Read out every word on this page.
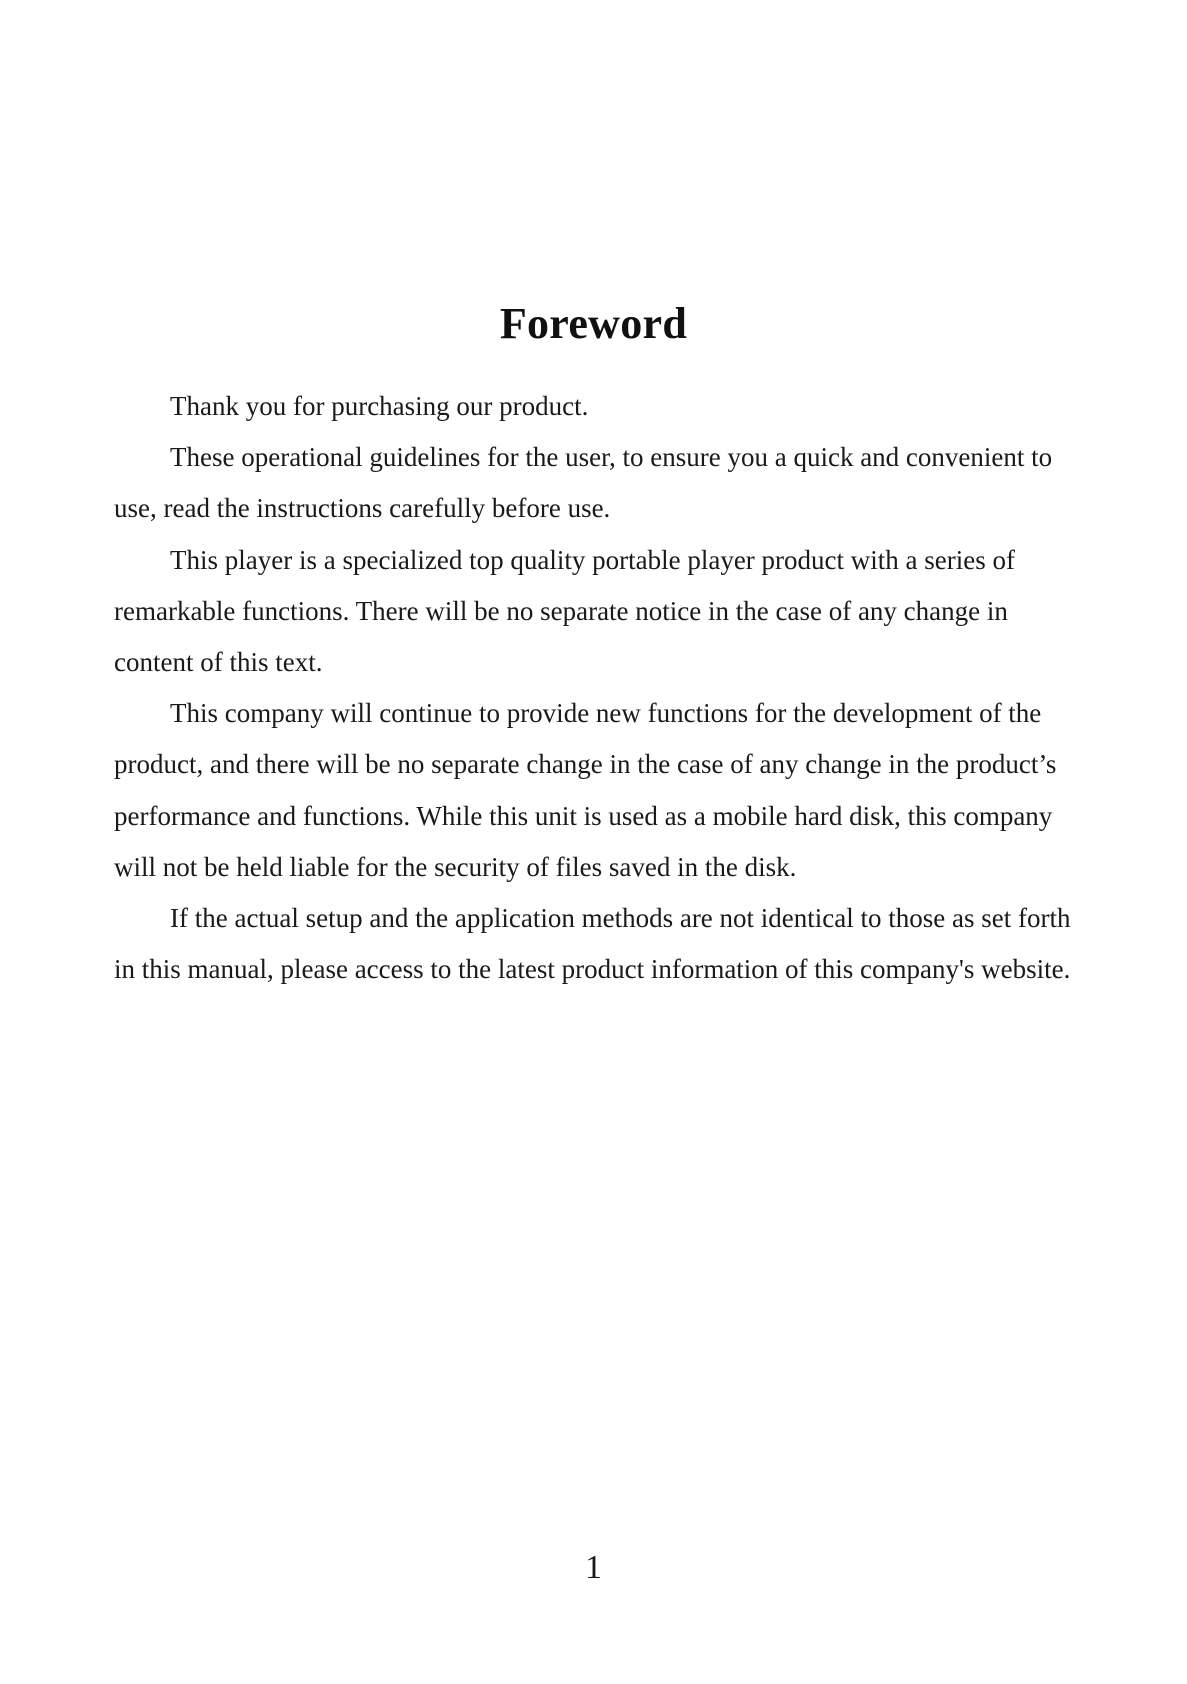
Foreword

Thank you for purchasing our product.

These operational guidelines for the user, to ensure you a quick and convenient to use, read the instructions carefully before use.

This player is a specialized top quality portable player product with a series of remarkable functions. There will be no separate notice in the case of any change in content of this text.

This company will continue to provide new functions for the development of the product, and there will be no separate change in the case of any change in the product’s performance and functions. While this unit is used as a mobile hard disk, this company will not be held liable for the security of files saved in the disk.

If the actual setup and the application methods are not identical to those as set forth in this manual, please access to the latest product information of this company's website.

1
